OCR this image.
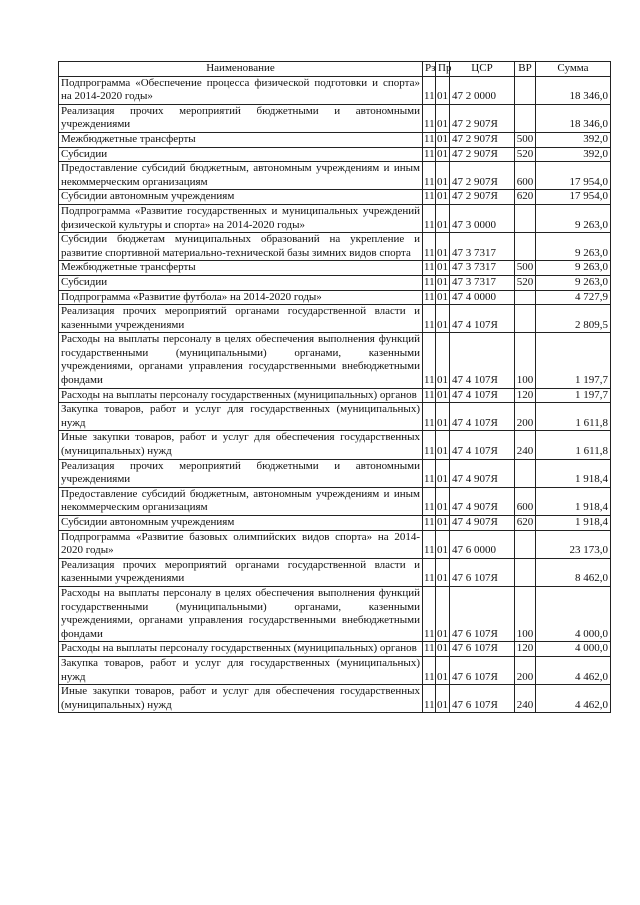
Наименование	Рз	Пр	ЦСР	ВР	Сумма
Подпрограмма «Обеспечение процесса физической подготовки и спорта» на 2014-2020 годы»	11	01	47 2 0000		18 346,0
Реализация прочих мероприятий бюджетными и автономными учреждениями	11	01	47 2 907Я		18 346,0
Межбюджетные трансферты	11	01	47 2 907Я	500	392,0
Субсидии	11	01	47 2 907Я	520	392,0
Предоставление субсидий бюджетным, автономным учреждениям и иным некоммерческим организациям	11	01	47 2 907Я	600	17 954,0
Субсидии автономным учреждениям	11	01	47 2 907Я	620	17 954,0
Подпрограмма «Развитие государственных и муниципальных учреждений физической культуры и спорта» на 2014-2020 годы»	11	01	47 3 0000		9 263,0
Субсидии бюджетам муниципальных образований на укрепление и развитие спортивной материально-технической базы зимних видов спорта	11	01	47 3 7317		9 263,0
Межбюджетные трансферты	11	01	47 3 7317	500	9 263,0
Субсидии	11	01	47 3 7317	520	9 263,0
Подпрограмма «Развитие футбола» на 2014-2020 годы»	11	01	47 4 0000		4 727,9
Реализация прочих мероприятий органами государственной власти и казенными учреждениями	11	01	47 4 107Я		2 809,5
Расходы на выплаты персоналу в целях обеспечения выполнения функций государственными (муниципальными) органами, казенными учреждениями, органами управления государственными внебюджетными фондами	11	01	47 4 107Я	100	1 197,7
Расходы на выплаты персоналу государственных (муниципальных) органов	11	01	47 4 107Я	120	1 197,7
Закупка товаров, работ и услуг для государственных (муниципальных) нужд	11	01	47 4 107Я	200	1 611,8
Иные закупки товаров, работ и услуг для обеспечения государственных (муниципальных) нужд	11	01	47 4 107Я	240	1 611,8
Реализация прочих мероприятий бюджетными и автономными учреждениями	11	01	47 4 907Я		1 918,4
Предоставление субсидий бюджетным, автономным учреждениям и иным некоммерческим организациям	11	01	47 4 907Я	600	1 918,4
Субсидии автономным учреждениям	11	01	47 4 907Я	620	1 918,4
Подпрограмма «Развитие базовых олимпийских видов спорта» на 2014-2020 годы»	11	01	47 6 0000		23 173,0
Реализация прочих мероприятий органами государственной власти и казенными учреждениями	11	01	47 6 107Я		8 462,0
Расходы на выплаты персоналу в целях обеспечения выполнения функций государственными (муниципальными) органами, казенными учреждениями, органами управления государственными внебюджетными фондами	11	01	47 6 107Я	100	4 000,0
Расходы на выплаты персоналу государственных (муниципальных) органов	11	01	47 6 107Я	120	4 000,0
Закупка товаров, работ и услуг для государственных (муниципальных) нужд	11	01	47 6 107Я	200	4 462,0
Иные закупки товаров, работ и услуг для обеспечения государственных (муниципальных) нужд	11	01	47 6 107Я	240	4 462,0
